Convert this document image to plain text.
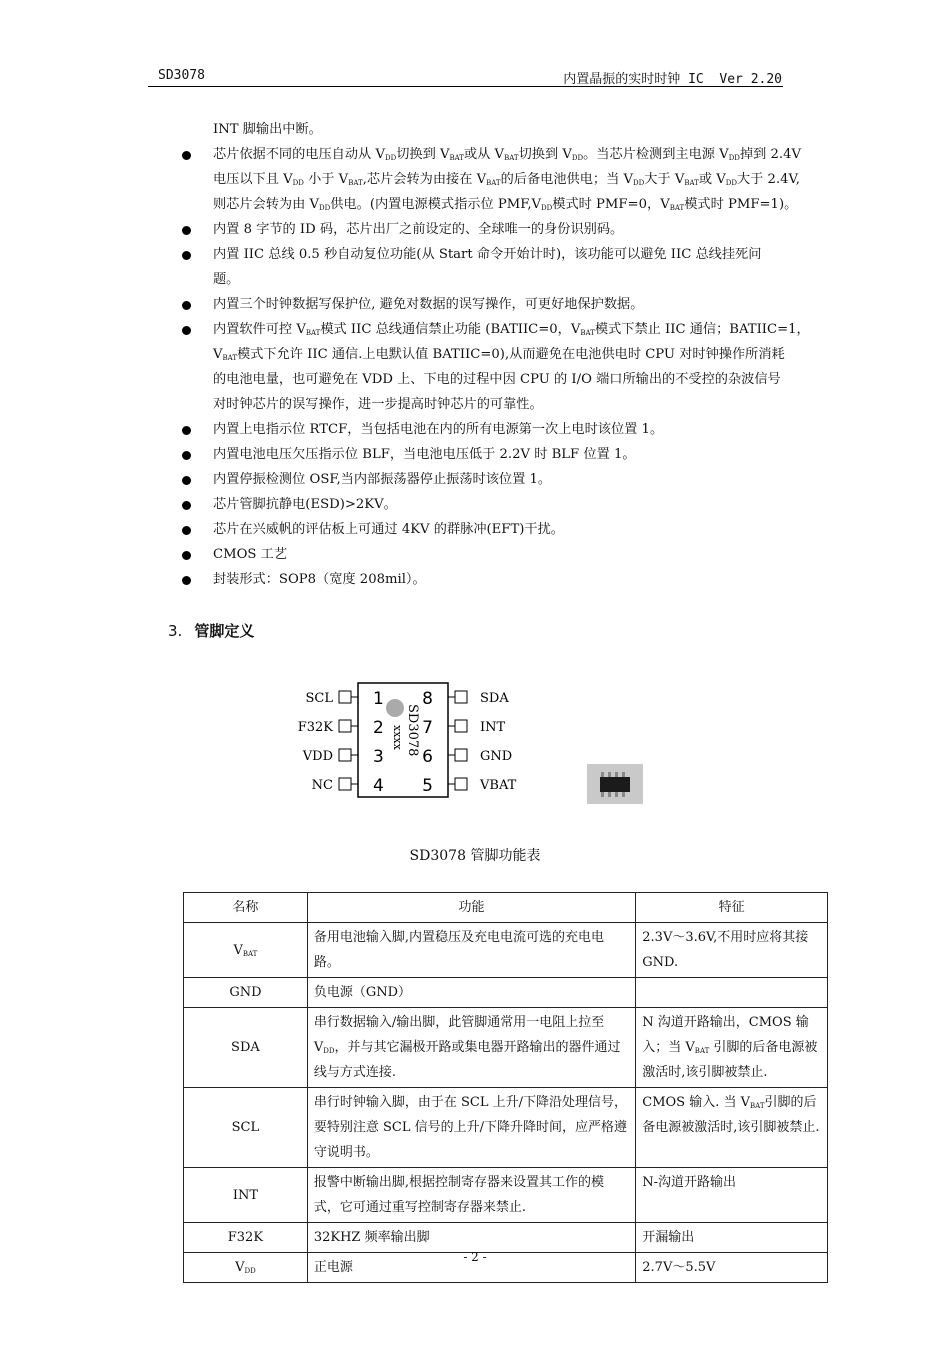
SD3078	内置晶振的实时时钟 IC  Ver 2.20
INT 脚输出中断。
芯片依据不同的电压自动从 $V_{DD}$切换到 $V_{BAT}$或从 $V_{BAT}$切换到 $V_{DD}$。当芯片检测到主电源 $V_{DD}$掉到 2.4V
电压以下且 $V_{DD}$ 小于 $V_{BAT}$,芯片会转为由接在 $V_{BAT}$的后备电池供电；当 $V_{DD}$大于 $V_{BAT}$或 $V_{DD}$大于 2.4V,
则芯片会转为由 $V_{DD}$供电。(内置电源模式指示位 $PMF,V_{DD}$模式时 PMF=0，$V_{BAT}$模式时 PMF=1)。
内置 8 字节的 ID 码，芯片出厂之前设定的、全球唯一的身份识别码。
内置 IIC 总线 0.5 秒自动复位功能(从 Start 命令开始计时)，该功能可以避免 IIC 总线挂死问
题。
内置三个时钟数据写保护位, 避免对数据的误写操作，可更好地保护数据。
内置软件可控 $V_{BAT}$模式 IIC 总线通信禁止功能 (BATIIC=0，$V_{BAT}$模式下禁止 IIC 通信；BATIIC=1，
$V_{BAT}$模式下允许 IIC 通信.上电默认值 BATIIC=0),从而避免在电池供电时 CPU 对时钟操作所消耗
的电池电量，也可避免在 VDD 上、下电的过程中因 CPU 的 I/O 端口所输出的不受控的杂波信号
对时钟芯片的误写操作，进一步提高时钟芯片的可靠性。
内置上电指示位 RTCF，当包括电池在内的所有电源第一次上电时该位置 1。
内置电池电压欠压指示位 BLF，当电池电压低于 2.2V 时 BLF 位置 1。
内置停振检测位 OSF,当内部振荡器停止振荡时该位置 1。
芯片管脚抗静电(ESD)>2KV。
芯片在兴威帆的评估板上可通过 4KV 的群脉冲(EFT)干扰。
CMOS 工艺
封装形式：SOP8（宽度 208mil）。
3. 管脚定义
SCL 1
F32K 2
VDD 3
NC 4
SDA
8
INT
7
GND
6
VBAT
5
SD3078
xxxx
SD3078 管脚功能表
名称	功能	特征
$V_{BAT}$	备用电池输入脚,内置稳压及充电电流可选的充电电路。	2.3V～3.6V,不用时应将其接 GND.
GND	负电源（GND）	
SDA	串行数据输入/输出脚，此管脚通常用一电阻上拉至 $V_{DD}$，并与其它漏极开路或集电器开路输出的器件通过线与方式连接.	N 沟道开路输出，CMOS 输入；当 $V_{BAT}$ 引脚的后备电源被激活时,该引脚被禁止.
SCL	串行时钟输入脚，由于在 SCL 上升/下降沿处理信号，要特别注意 SCL 信号的上升/下降升降时间，应严格遵守说明书。	CMOS 输入. 当 $V_{BAT}$引脚的后备电源被激活时,该引脚被禁止.
INT	报警中断输出脚,根据控制寄存器来设置其工作的模式，它可通过重写控制寄存器来禁止.	N-沟道开路输出
F32K	32KHZ 频率输出脚	开漏输出
$V_{DD}$	正电源	2.7V～5.5V
- 2 -
